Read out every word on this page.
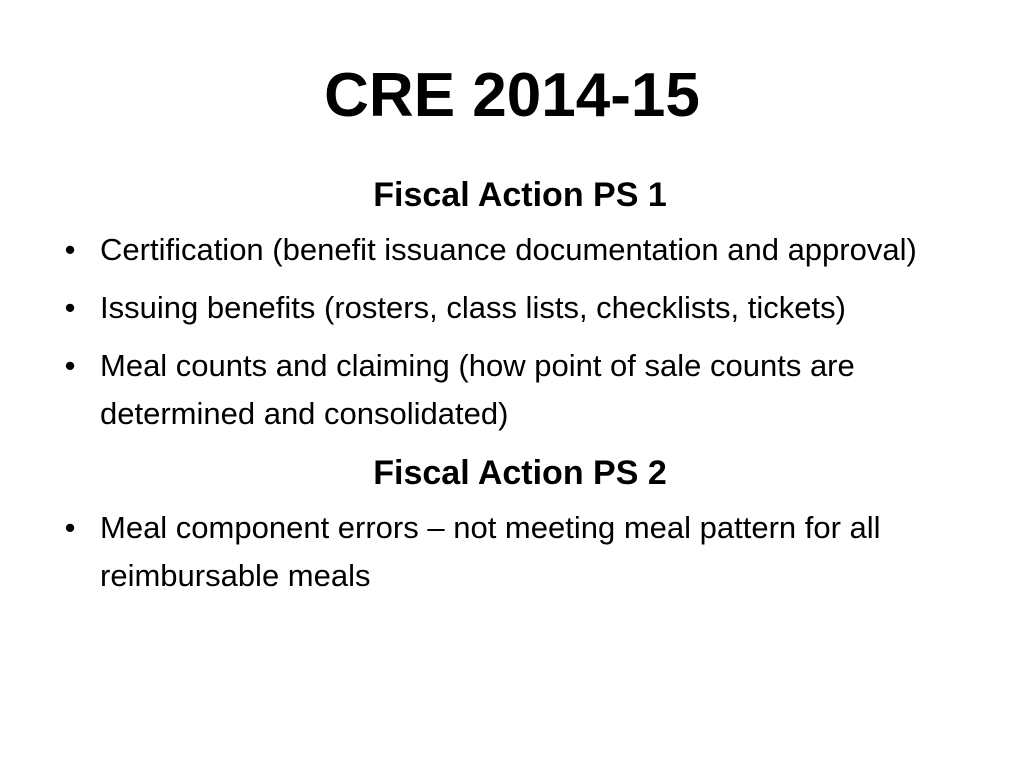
CRE 2014-15
Fiscal Action PS 1
•
Certification (benefit issuance documentation and approval)
•
Issuing benefits (rosters, class lists, checklists, tickets)
•
Meal counts and claiming (how point of sale counts are determined and consolidated)
Fiscal Action PS 2
•
Meal component errors – not meeting meal pattern for all reimbursable meals
